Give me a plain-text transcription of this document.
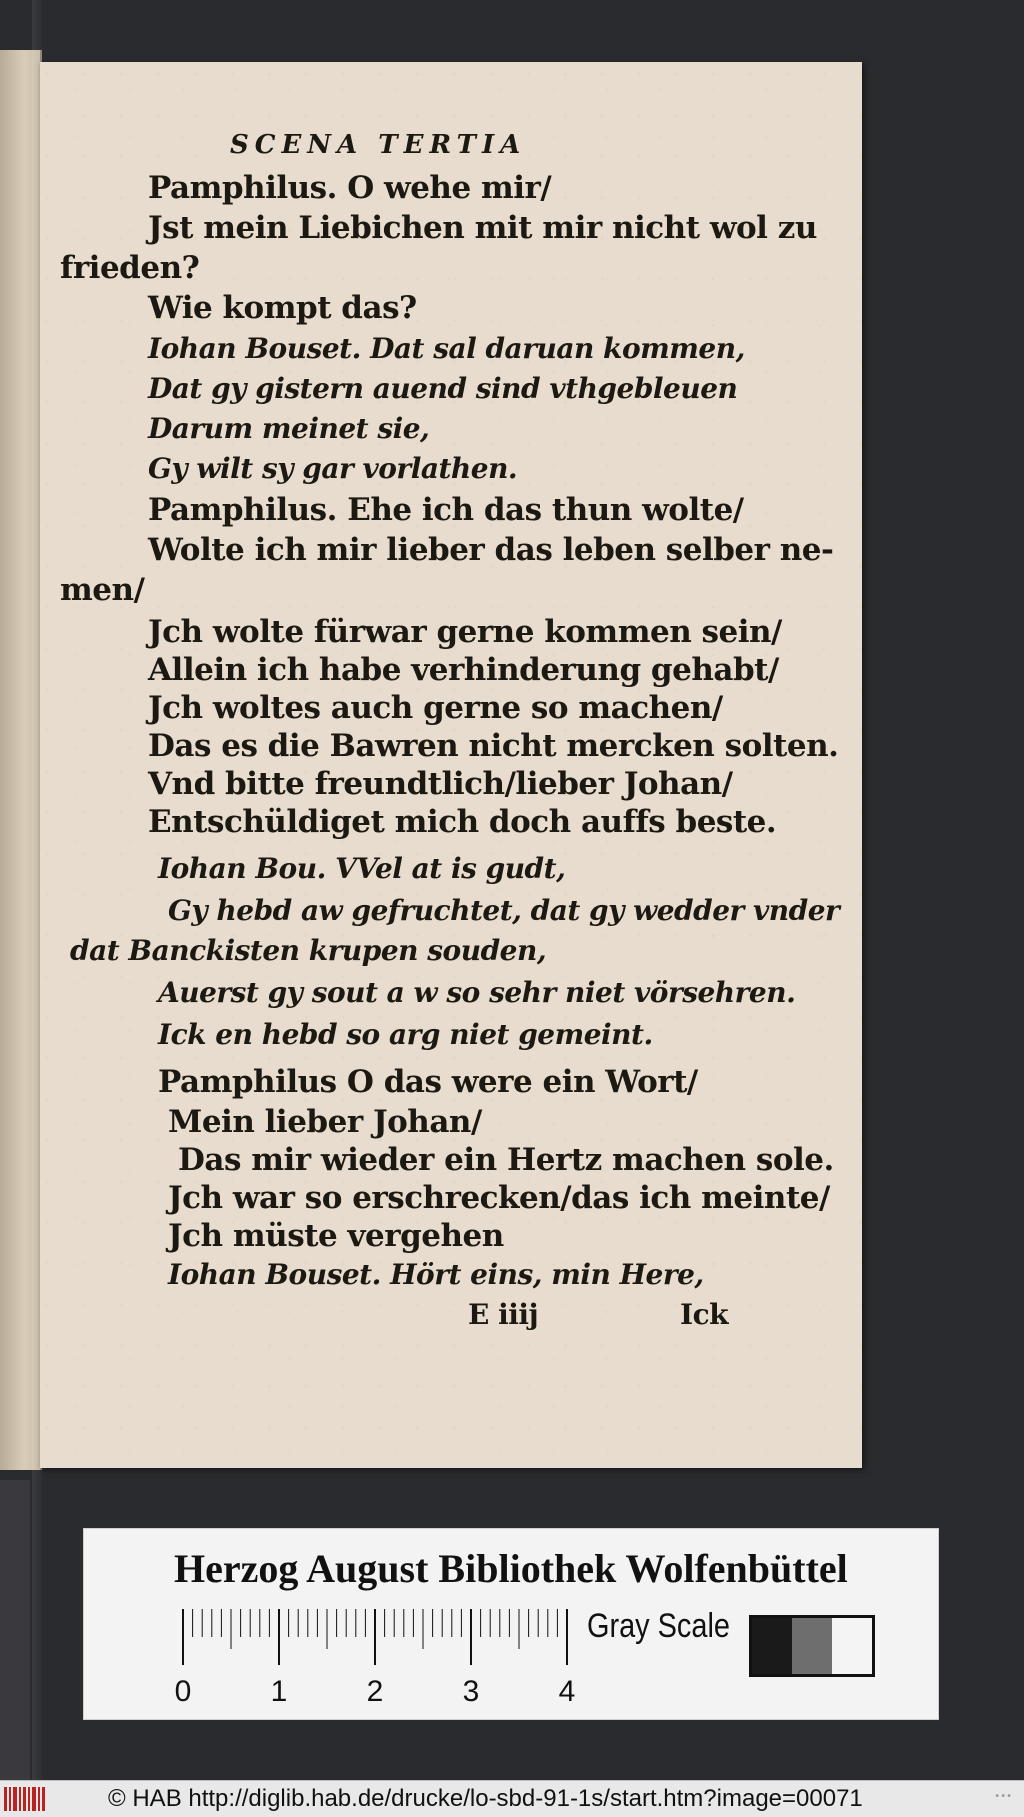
SCENA TERTIA

Pamphilus. O wehe mir/

Jst mein Liebichen mit mir nicht wol zu

frieden?

Wie kompt das?

Iohan Bouset. Dat sal daruan kommen,

Dat gy gistern auend sind vthgebleuen

Darum meinet sie,

Gy wilt sy gar vorlathen.

Pamphilus. Ehe ich das thun wolte/

Wolte ich mir lieber das leben selber ne-

men/

Jch wolte fürwar gerne kommen sein/

Allein ich habe verhinderung gehabt/

Jch woltes auch gerne so machen/

Das es die Bawren nicht mercken solten.

Vnd bitte freundtlich/lieber Johan/

Entschüldiget mich doch auffs beste.

Iohan Bou. VVel at is gudt,

Gy hebd aw gefruchtet, dat gy wedder vnder

dat Banckisten krupen souden,

Auerst gy sout a w so sehr niet vörsehren.

Ick en hebd so arg niet gemeint.

Pamphilus O das were ein Wort/

Mein lieber Johan/

Das mir wieder ein Hertz machen sole.

Jch war so erschrecken/das ich meinte/

Jch müste vergehen

Iohan Bouset. Hört eins, min Here,

E iiij	Ick

Herzog August Bibliothek Wolfenbüttel

0	1	2	3	4
Gray Scale

© HAB http://diglib.hab.de/drucke/lo-sbd-91-1s/start.htm?image=00071	•••
